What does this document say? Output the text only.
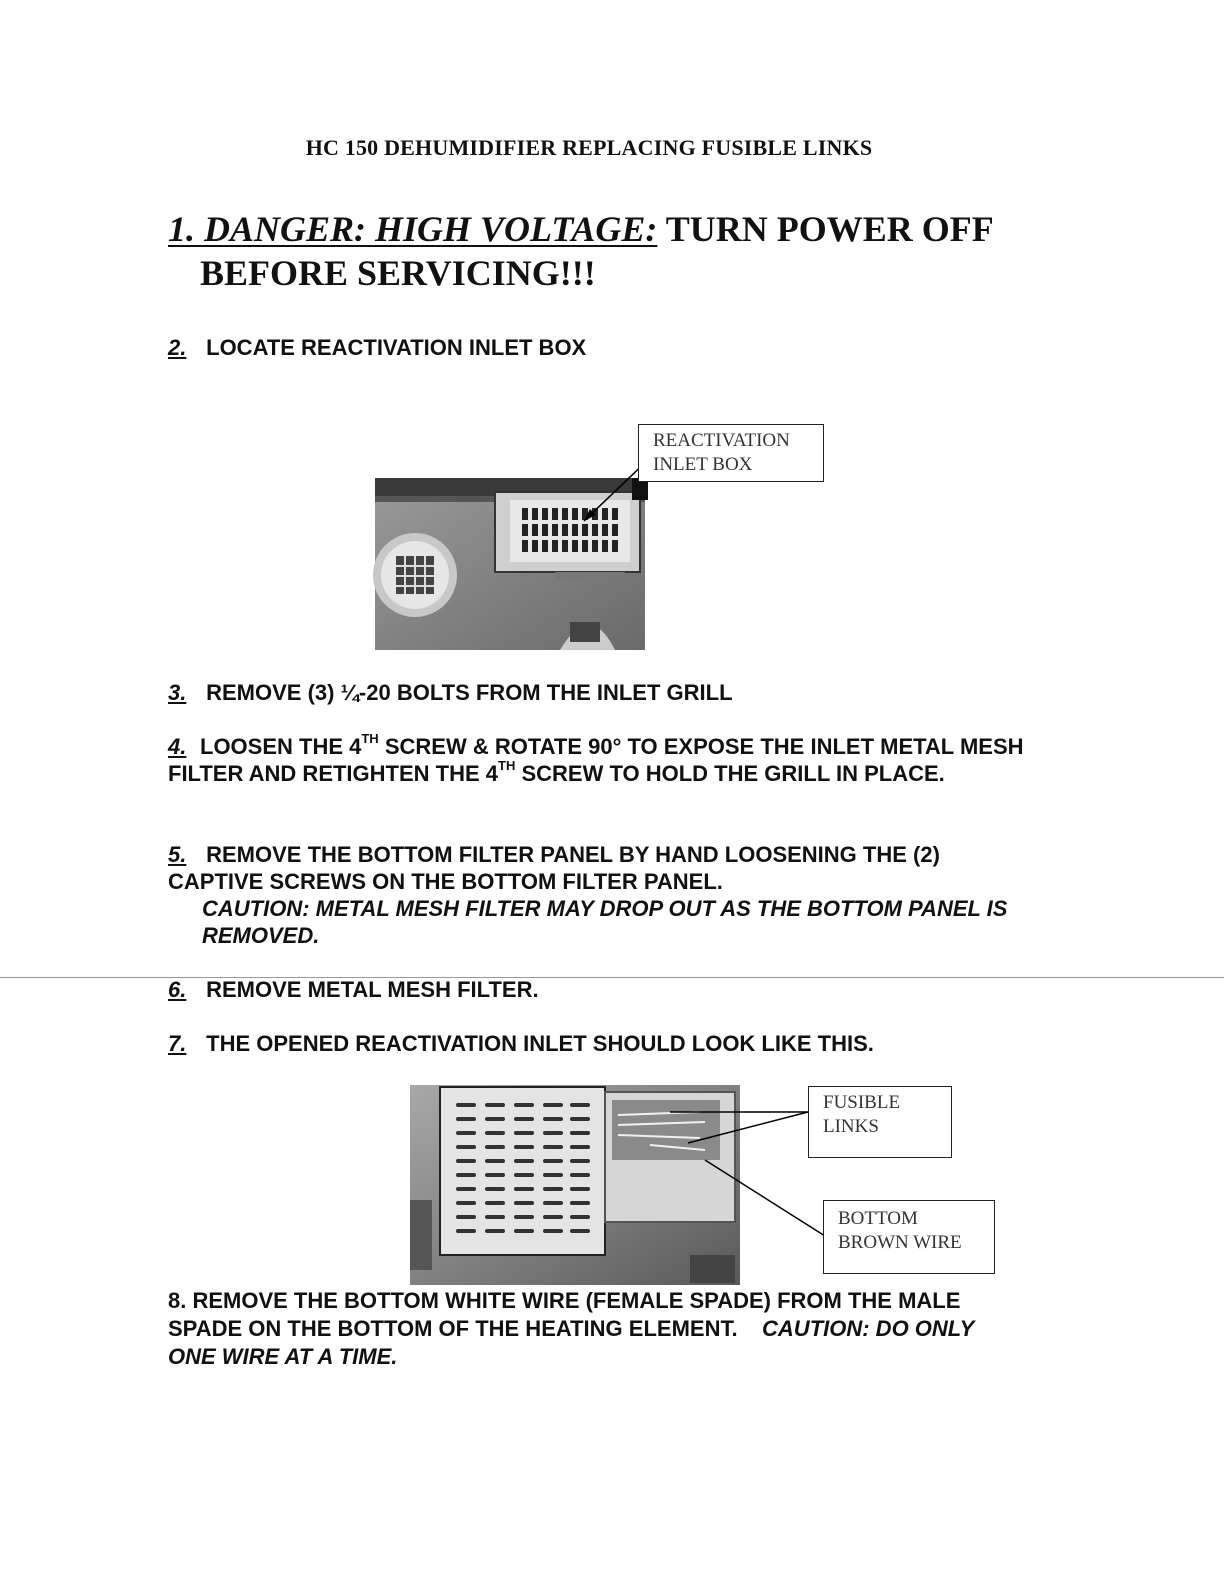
HC 150 DEHUMIDIFIER REPLACING FUSIBLE LINKS
1. DANGER: HIGH VOLTAGE: TURN POWER OFF
BEFORE SERVICING!!!
2. LOCATE REACTIVATION INLET BOX
REACTIVATION
INLET BOX
3. REMOVE (3) ¼-20 BOLTS FROM THE INLET GRILL
4. LOOSEN THE 4TH SCREW & ROTATE 90° TO EXPOSE THE INLET METAL MESH FILTER AND RETIGHTEN THE 4TH SCREW TO HOLD THE GRILL IN PLACE.
5. REMOVE THE BOTTOM FILTER PANEL BY HAND LOOSENING THE (2) CAPTIVE SCREWS ON THE BOTTOM FILTER PANEL.
CAUTION: METAL MESH FILTER MAY DROP OUT AS THE BOTTOM PANEL IS REMOVED.
6. REMOVE METAL MESH FILTER.
7. THE OPENED REACTIVATION INLET SHOULD LOOK LIKE THIS.
FUSIBLE
LINKS
BOTTOM
BROWN WIRE
8. REMOVE THE BOTTOM WHITE WIRE (FEMALE SPADE) FROM THE MALE SPADE ON THE BOTTOM OF THE HEATING ELEMENT. CAUTION: DO ONLY ONE WIRE AT A TIME.
